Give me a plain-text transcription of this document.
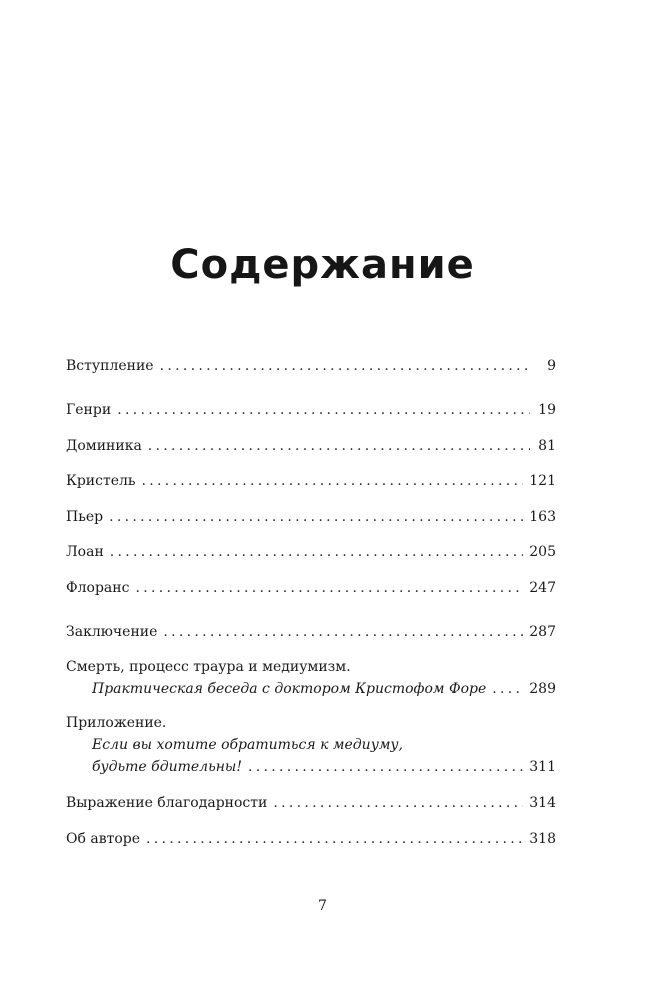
Содержание
Вступление .....	9
Генри .....	19
Доминика .....	81
Кристель .....	121
Пьер .....	163
Лоан .....	205
Флоранс .....	247
Заключение .....	287
Смерть, процесс траура и медиумизм.
Практическая беседа с доктором Кристофом Форе .....	289
Приложение.
Если вы хотите обратиться к медиуму,
будьте бдительны! .....	311
Выражение благодарности .....	314
Об авторе .....	318
7
